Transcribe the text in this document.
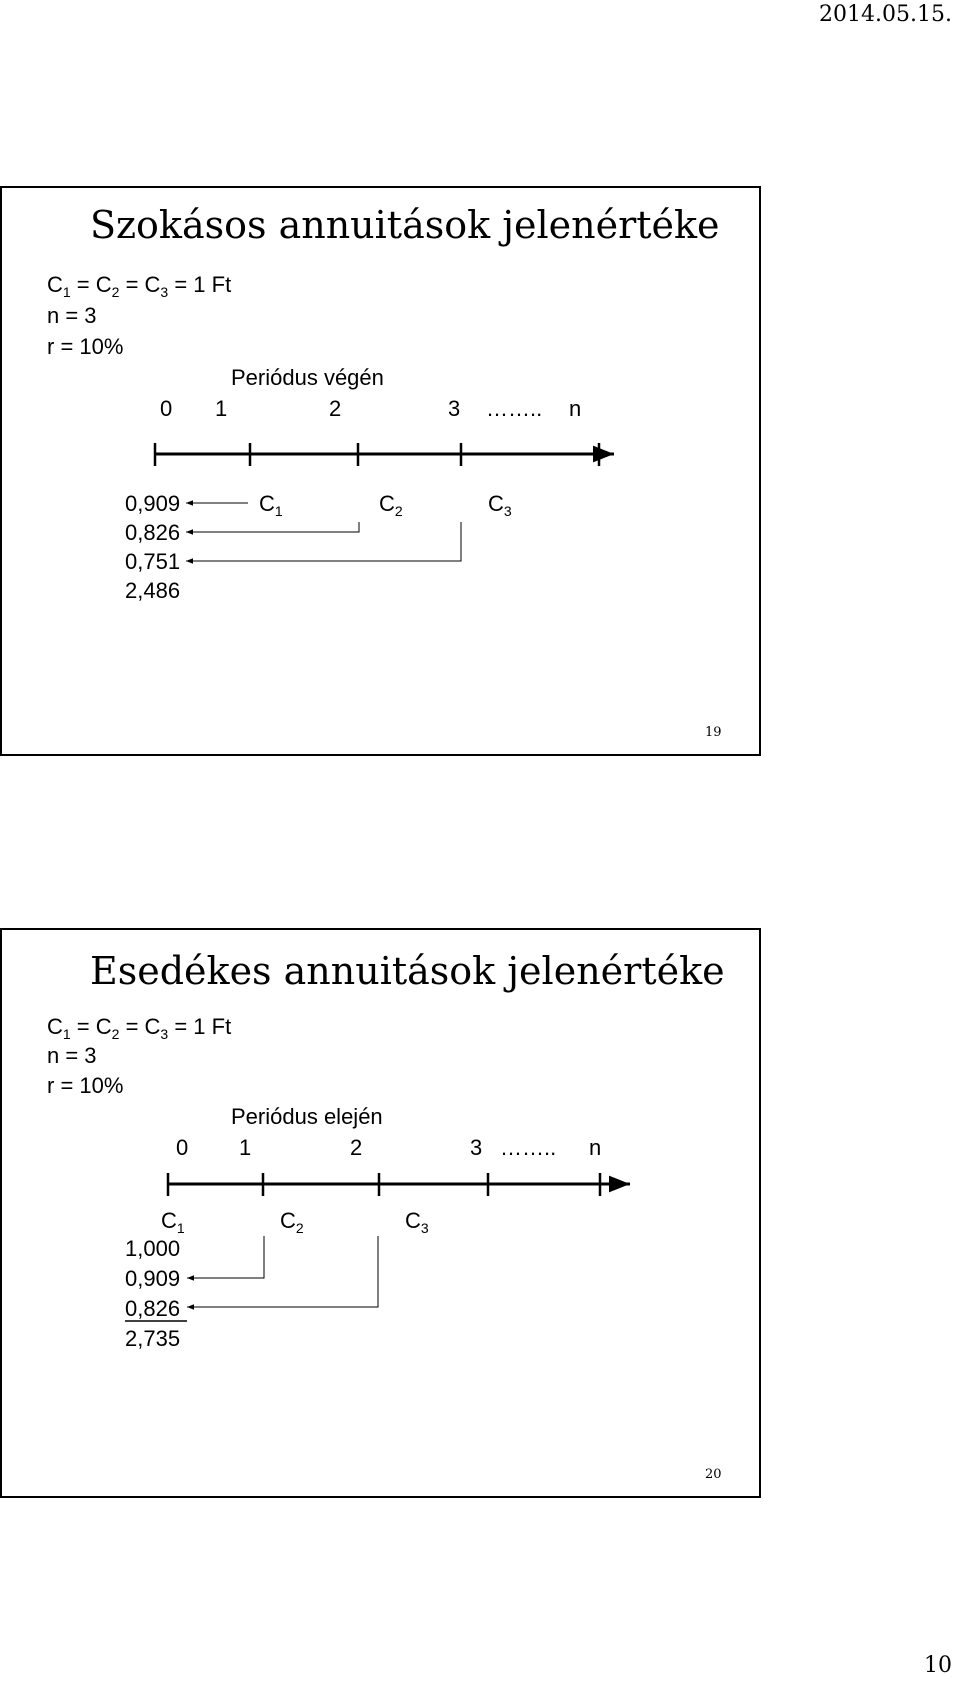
2014.05.15.
Szokásos annuitások jelenértéke
$C_1 = C_2 = C_3 = 1$ Ft
n = 3
r = 10%
Periódus végén
0 1	2	3 …….. n
$C_1$	$C_2$	$C_3$
0,909
0,826
0,751
2,486
19
Esedékes annuitások jelenértéke
$C_1 = C_2 = C_3 = 1$ Ft
n = 3
r = 10%
Periódus elején
0 1	2	3 …….. n
$C_1$	$C_2$	$C_3$
1,000
0,909
0,826
2,735
20
10
